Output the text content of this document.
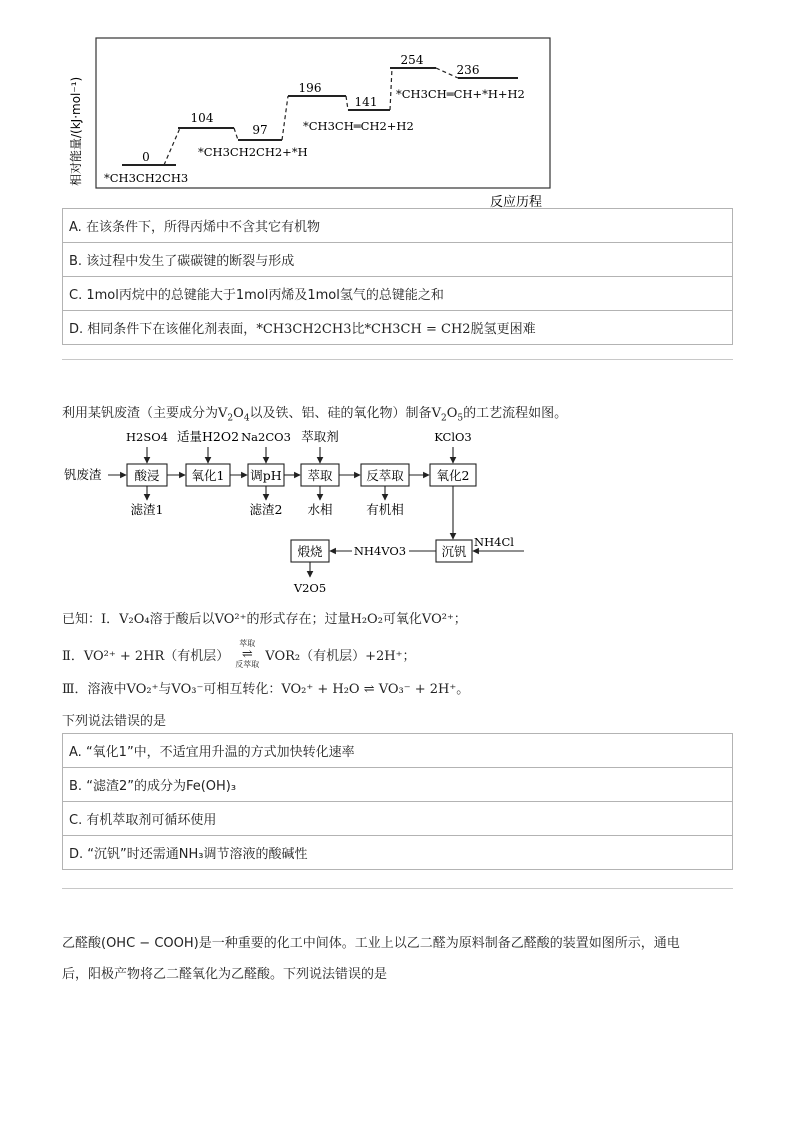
0
104
97
196
141
254
236
*CH3CH2CH3
*CH3CH2CH2+*H
*CH3CH═CH2+H2
*CH3CH═CH+*H+H2
相对能量/(kJ·mol⁻¹)
反应历程
A. 在该条件下，所得丙烯中不含其它有机物
B. 该过程中发生了碳碳键的断裂与形成
C. 1mol丙烷中的总键能大于1mol丙烯及1mol氢气的总键能之和
D. 相同条件下在该催化剂表面，*CH3CH2CH3比*CH3CH = CH2脱氢更困难
利用某钒废渣（主要成分为$V_2O_4$以及铁、铝、硅的氧化物）制备$V_2O_5$的工艺流程如图。
钒废渣	酸浸	氧化1 调pH 萃取	反萃取	氧化2
沉钒
煅烧
滤渣1	滤渣2 水相	有机相
适量H2O2	萃取剂
H2SO4	Na2CO3	KClO3
NH4Cl
NH4VO3
V2O5
已知：Ⅰ．V₂O₄溶于酸后以VO²⁺的形式存在；过量H₂O₂可氧化VO²⁺；
Ⅱ．VO²⁺ + 2HR（有机层）
萃取
⇌
反萃取
VOR₂（有机层）+2H⁺；
Ⅲ．溶液中VO₂⁺与VO₃⁻可相互转化：VO₂⁺ + H₂O ⇌ VO₃⁻ + 2H⁺。
下列说法错误的是
A. “氧化1”中，不适宜用升温的方式加快转化速率
B. “滤渣2”的成分为Fe(OH)₃
C. 有机萃取剂可循环使用
D. “沉钒”时还需通NH₃调节溶液的酸碱性
乙醛酸(OHC − COOH)是一种重要的化工中间体。工业上以乙二醛为原料制备乙醛酸的装置如图所示，通电
后，阳极产物将乙二醛氧化为乙醛酸。下列说法错误的是
